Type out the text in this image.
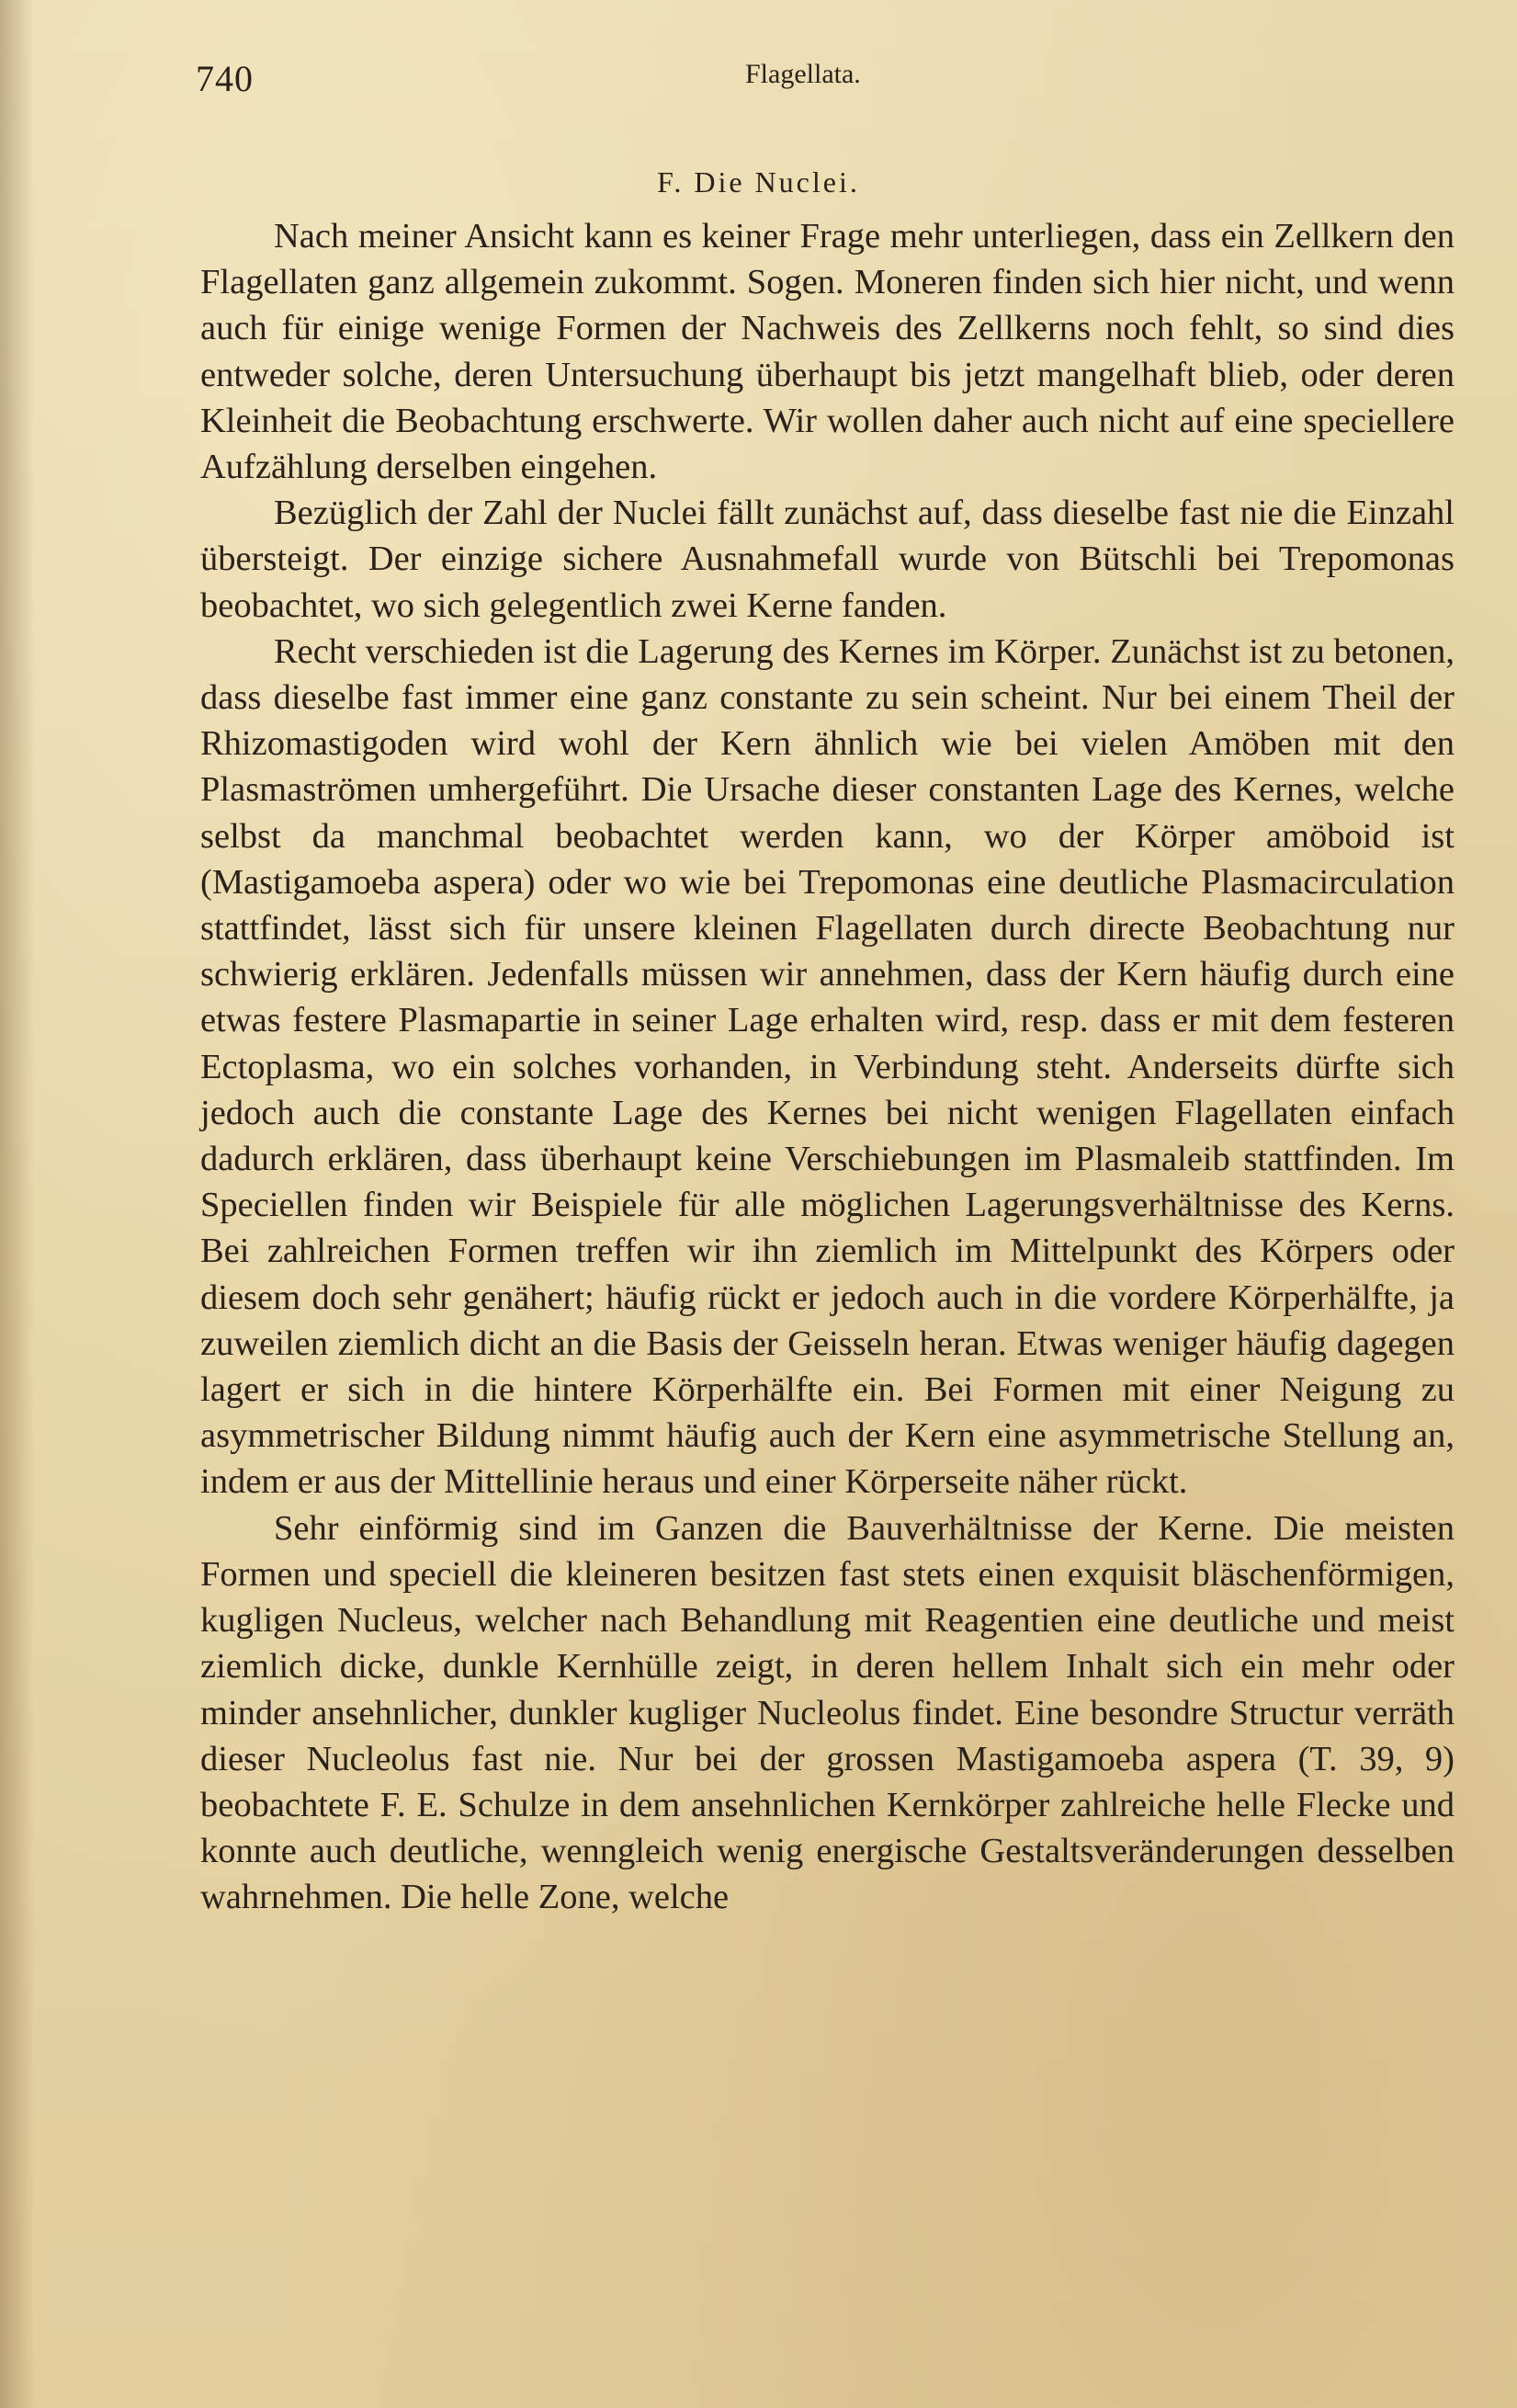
740	Flagellata.
F. Die Nuclei.

Nach meiner Ansicht kann es keiner Frage mehr unterliegen, dass ein Zellkern den Flagellaten ganz allgemein zukommt. Sogen. Moneren finden sich hier nicht, und wenn auch für einige wenige Formen der Nachweis des Zellkerns noch fehlt, so sind dies entweder solche, deren Untersuchung überhaupt bis jetzt mangelhaft blieb, oder deren Kleinheit die Beobachtung erschwerte. Wir wollen daher auch nicht auf eine speciellere Aufzählung derselben eingehen.

Bezüglich der Zahl der Nuclei fällt zunächst auf, dass dieselbe fast nie die Einzahl übersteigt. Der einzige sichere Ausnahmefall wurde von Bütschli bei Trepomonas beobachtet, wo sich gelegentlich zwei Kerne fanden.

Recht verschieden ist die Lagerung des Kernes im Körper. Zunächst ist zu betonen, dass dieselbe fast immer eine ganz constante zu sein scheint. Nur bei einem Theil der Rhizomastigoden wird wohl der Kern ähnlich wie bei vielen Amöben mit den Plasmaströmen umhergeführt. Die Ursache dieser constanten Lage des Kernes, welche selbst da manchmal beobachtet werden kann, wo der Körper amöboid ist (Mastigamoeba aspera) oder wo wie bei Trepomonas eine deutliche Plasmacirculation stattfindet, lässt sich für unsere kleinen Flagellaten durch directe Beobachtung nur schwierig erklären. Jedenfalls müssen wir annehmen, dass der Kern häufig durch eine etwas festere Plasmapartie in seiner Lage erhalten wird, resp. dass er mit dem festeren Ectoplasma, wo ein solches vorhanden, in Verbindung steht. Anderseits dürfte sich jedoch auch die constante Lage des Kernes bei nicht wenigen Flagellaten einfach dadurch erklären, dass überhaupt keine Verschiebungen im Plasmaleib stattfinden. Im Speciellen finden wir Beispiele für alle möglichen Lagerungsverhältnisse des Kerns. Bei zahlreichen Formen treffen wir ihn ziemlich im Mittelpunkt des Körpers oder diesem doch sehr genähert; häufig rückt er jedoch auch in die vordere Körperhälfte, ja zuweilen ziemlich dicht an die Basis der Geisseln heran. Etwas weniger häufig dagegen lagert er sich in die hintere Körperhälfte ein. Bei Formen mit einer Neigung zu asymmetrischer Bildung nimmt häufig auch der Kern eine asymmetrische Stellung an, indem er aus der Mittellinie heraus und einer Körperseite näher rückt.

Sehr einförmig sind im Ganzen die Bauverhältnisse der Kerne. Die meisten Formen und speciell die kleineren besitzen fast stets einen exquisit bläschenförmigen, kugligen Nucleus, welcher nach Behandlung mit Reagentien eine deutliche und meist ziemlich dicke, dunkle Kernhülle zeigt, in deren hellem Inhalt sich ein mehr oder minder ansehnlicher, dunkler kugliger Nucleolus findet. Eine besondre Structur verräth dieser Nucleolus fast nie. Nur bei der grossen Mastigamoeba aspera (T. 39, 9) beobachtete F. E. Schulze in dem ansehnlichen Kernkörper zahlreiche helle Flecke und konnte auch deutliche, wenngleich wenig energische Gestaltsveränderungen desselben wahrnehmen. Die helle Zone, welche
